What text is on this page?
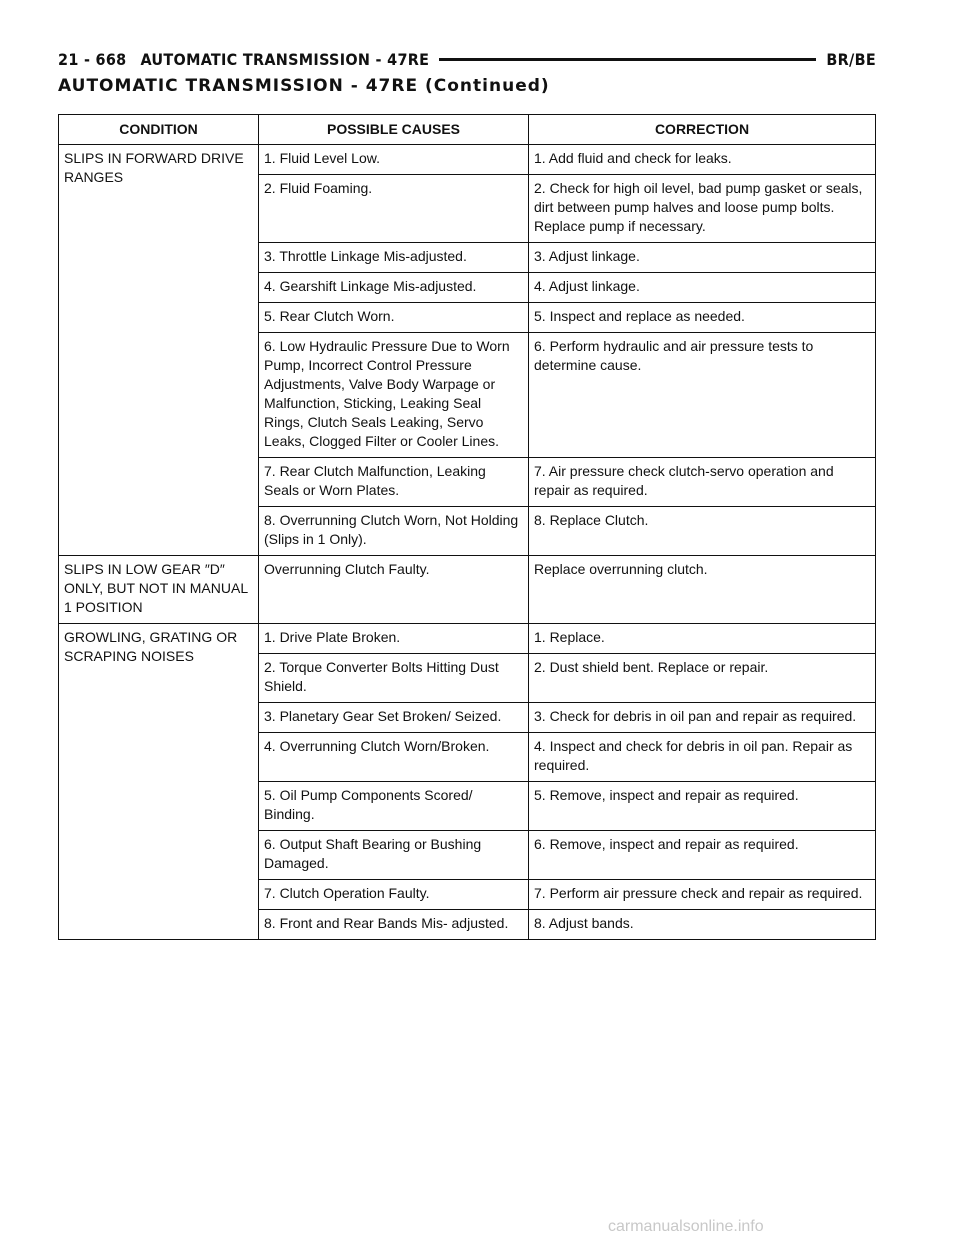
21 - 668 AUTOMATIC TRANSMISSION - 47RE	BR/BE
AUTOMATIC TRANSMISSION - 47RE (Continued)
CONDITION	POSSIBLE CAUSES	CORRECTION
SLIPS IN FORWARD DRIVE RANGES	1. Fluid Level Low.	1. Add fluid and check for leaks.
	2. Fluid Foaming.	2. Check for high oil level, bad pump gasket or seals, dirt between pump halves and loose pump bolts. Replace pump if necessary.
	3. Throttle Linkage Mis-adjusted.	3. Adjust linkage.
	4. Gearshift Linkage Mis-adjusted.	4. Adjust linkage.
	5. Rear Clutch Worn.	5. Inspect and replace as needed.
	6. Low Hydraulic Pressure Due to Worn Pump, Incorrect Control Pressure Adjustments, Valve Body Warpage or Malfunction, Sticking, Leaking Seal Rings, Clutch Seals Leaking, Servo Leaks, Clogged Filter or Cooler Lines.	6. Perform hydraulic and air pressure tests to determine cause.
	7. Rear Clutch Malfunction, Leaking Seals or Worn Plates.	7. Air pressure check clutch-servo operation and repair as required.
	8. Overrunning Clutch Worn, Not Holding (Slips in 1 Only).	8. Replace Clutch.
SLIPS IN LOW GEAR ″D″ ONLY, BUT NOT IN MANUAL 1 POSITION	Overrunning Clutch Faulty.	Replace overrunning clutch.
GROWLING, GRATING OR SCRAPING NOISES	1. Drive Plate Broken.	1. Replace.
	2. Torque Converter Bolts Hitting Dust Shield.	2. Dust shield bent. Replace or repair.
	3. Planetary Gear Set Broken/ Seized.	3. Check for debris in oil pan and repair as required.
	4. Overrunning Clutch Worn/Broken.	4. Inspect and check for debris in oil pan. Repair as required.
	5. Oil Pump Components Scored/ Binding.	5. Remove, inspect and repair as required.
	6. Output Shaft Bearing or Bushing Damaged.	6. Remove, inspect and repair as required.
	7. Clutch Operation Faulty.	7. Perform air pressure check and repair as required.
	8. Front and Rear Bands Mis- adjusted.	8. Adjust bands.
carmanualsonline.info
